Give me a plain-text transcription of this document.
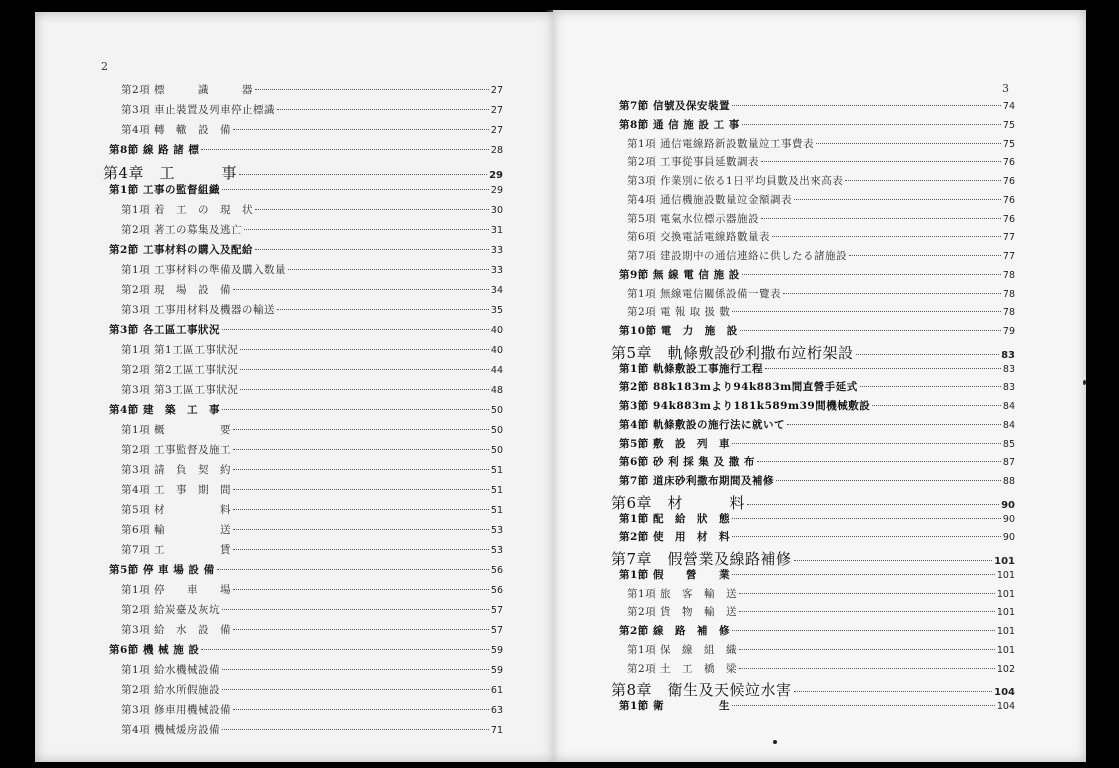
2
第2項 標　　　識　　　器	27
第3項 車止裝置及列車停止標識	27
第4項 轉　轍　設　備	27
第8節 線 路 諸 標	28
第4章　工　　　事	29
第1節 工事の監督組織	29
第1項 着　工　の　現　状	30
第2項 著工の募集及逃亡	31
第2節 工事材料の購入及配給	33
第1項 工事材料の準備及購入数量	33
第2項 現　場　設　備	34
第3項 工事用材料及機器の輸送	35
第3節 各工區工事狀況	40
第1項 第1工區工事狀況	40
第2項 第2工區工事狀況	44
第3項 第3工區工事狀況	48
第4節 建　築　工　事	50
第1項 概　　　　　要	50
第2項 工事監督及施工	50
第3項 請　負　契　約	51
第4項 工　事　期　間	51
第5項 材　　　　　料	51
第6項 輸　　　　　送	53
第7項 工　　　　　賃	53
第5節 停 車 場 設 備	56
第1項 停　　車　　場	56
第2項 給炭臺及灰坑	57
第3項 給　水　設　備	57
第6節 機 械 施 設	59
第1項 給水機械設備	59
第2項 給水所假施設	61
第3項 修車用機械設備	63
第4項 機械煖房設備	71
3
第7節 信號及保安裝置	74
第8節 通 信 施 設 工 事	75
第1項 通信電線路新設數量竝工事費表	75
第2項 工事從事員延數調表	76
第3項 作業別に依る1日平均員數及出來高表	76
第4項 通信機施設數量竝金額調表	76
第5項 電氣水位標示器施設	76
第6項 交換電話電線路數量表	77
第7項 建設期中の通信連絡に供したる諸施設	77
第9節 無 線 電 信 施 設	78
第1項 無線電信關係設備一覽表	78
第2項 電 報 取 扱 數	78
第10節 電　力　施　設	79
第5章　軌條敷設砂利撒布竝桁架設	83
第1節 軌條敷設工事施行工程	83
第2節 88k183mより94k883m間直營手延式	83
第3節 94k883mより181k589m39間機械敷設	84
第4節 軌條敷設の施行法に就いて	84
第5節 敷　設　列　車	85
第6節 砂 利 採 集 及 撒 布	87
第7節 道床砂利撒布期間及補修	88
第6章　材　　　料	90
第1節 配　給　狀　態	90
第2節 使　用　材　料	90
第7章　假營業及線路補修	101
第1節 假　　營　　業	101
第1項 旅　客　輸　送	101
第2項 貨　物　輸　送	101
第2節 線　路　補　修	101
第1項 保　線　組　織	101
第2項 土　工　橋　梁	102
第8章　衛生及天候竝水害	104
第1節 衛　　　　　生	104
